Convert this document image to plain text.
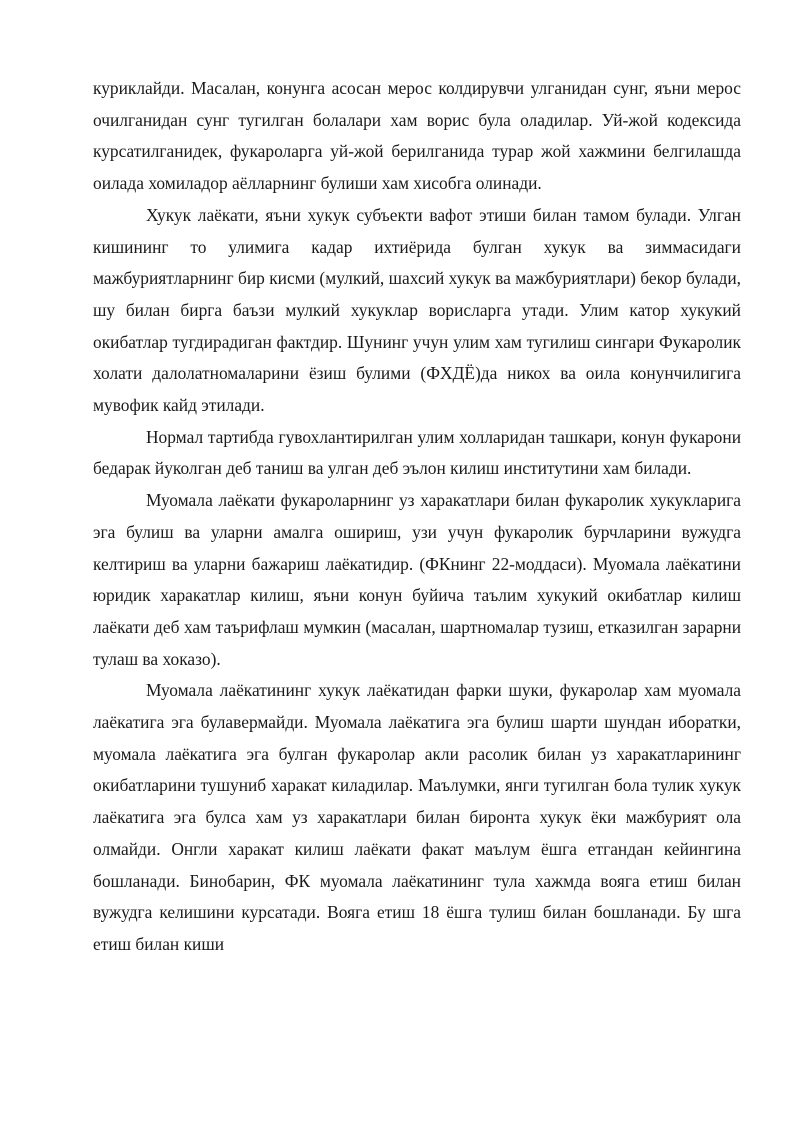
куриклайди. Масалан, конунга асосан мерос колдирувчи улганидан сунг, яъни мерос очилганидан сунг тугилган болалари хам ворис була оладилар. Уй-жой кодексида курсатилганидек, фукароларга уй-жой берилганида турар жой хажмини белгилашда оилада хомиладор аёлларнинг булиши хам хисобга олинади.

Хукук лаёкати, яъни хукук субъекти вафот этиши билан тамом булади. Улган кишининг то улимига кадар ихтиёрида булган хукук ва зиммасидаги мажбуриятларнинг бир кисми (мулкий, шахсий хукук ва мажбуриятлари) бекор булади, шу билан бирга баъзи мулкий хукуклар ворисларга утади. Улим катор хукукий окибатлар тугдирадиган фактдир. Шунинг учун улим хам тугилиш сингари Фукаролик холати далолатномаларини ёзиш булими (ФХДЁ)да никох ва оила конунчилигига мувофик кайд этилади.

Нормал тартибда гувохлантирилган улим холларидан ташкари, конун фукарони бедарак йуколган деб таниш ва улган деб эълон килиш институтини хам билади.

Муомала лаёкати фукароларнинг уз харакатлари билан фукаролик хукукларига эга булиш ва уларни амалга ошириш, узи учун фукаролик бурчларини вужудга келтириш ва уларни бажариш лаёкатидир. (ФКнинг 22-моддаси). Муомала лаёкатини юридик харакатлар килиш, яъни конун буйича таълим хукукий окибатлар килиш лаёкати деб хам таърифлаш мумкин (масалан, шартномалар тузиш, етказилган зарарни тулаш ва хоказо).

Муомала лаёкатининг хукук лаёкатидан фарки шуки, фукаролар хам муомала лаёкатига эга булавермайди. Муомала лаёкатига эга булиш шарти шундан иборатки, муомала лаёкатига эга булган фукаролар акли расолик билан уз харакатларининг окибатларини тушуниб харакат киладилар. Маълумки, янги тугилган бола тулик хукук лаёкатига эга булса хам уз харакатлари билан биронта хукук ёки мажбурият ола олмайди. Онгли харакат килиш лаёкати факат маълум ёшга етгандан кейингина бошланади. Бинобарин, ФК муомала лаёкатининг тула хажмда вояга етиш билан вужудга келишини курсатади. Вояга етиш 18 ёшга тулиш билан бошланади. Бу шга етиш билан киши
